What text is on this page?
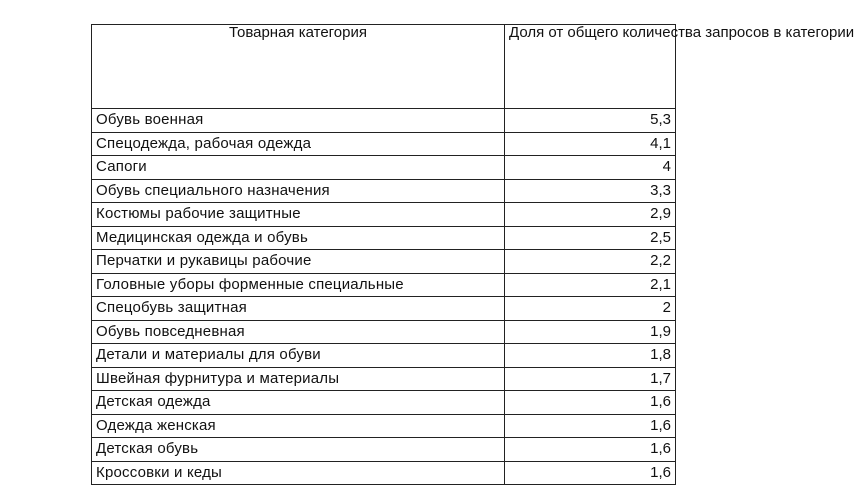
Товарная категория	Доля от общего количества запросов в категории
Обувь военная	5,3
Спецодежда, рабочая одежда	4,1
Сапоги	4
Обувь специального назначения	3,3
Костюмы рабочие защитные	2,9
Медицинская одежда и обувь	2,5
Перчатки и рукавицы рабочие	2,2
Головные уборы форменные специальные	2,1
Спецобувь защитная	2
Обувь повседневная	1,9
Детали и материалы для обуви	1,8
Швейная фурнитура и материалы	1,7
Детская одежда	1,6
Одежда женская	1,6
Детская обувь	1,6
Кроссовки и кеды	1,6
